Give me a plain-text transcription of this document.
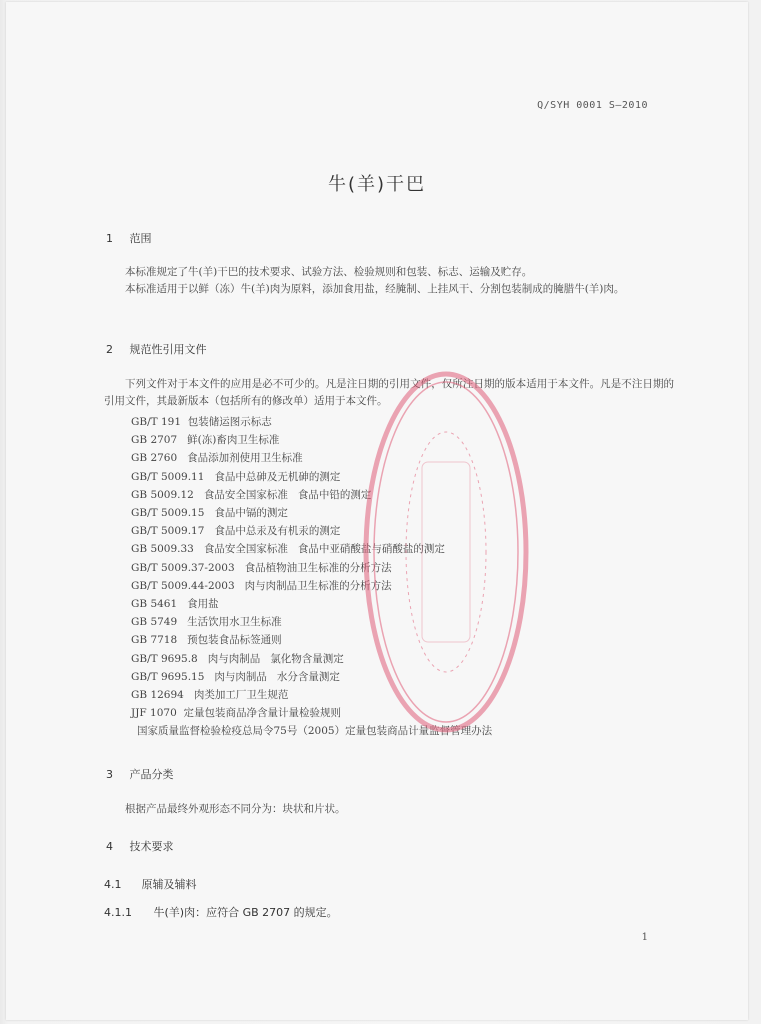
Q/SYH 0001 S—2010
牛(羊)干巴
1 范围
本标准规定了牛(羊)干巴的技术要求、试验方法、检验规则和包装、标志、运输及贮存。
本标准适用于以鲜（冻）牛(羊)肉为原料，添加食用盐，经腌制、上挂风干、分割包装制成的腌腊牛(羊)肉。
2 规范性引用文件
下列文件对于本文件的应用是必不可少的。凡是注日期的引用文件，仅所注日期的版本适用于本文件。凡是不注日期的引用文件，其最新版本（包括所有的修改单）适用于本文件。
GB/T 191  包装储运图示标志
GB 2707   鲜(冻)畜肉卫生标准
GB 2760   食品添加剂使用卫生标准
GB/T 5009.11   食品中总砷及无机砷的测定
GB 5009.12   食品安全国家标准   食品中铅的测定
GB/T 5009.15   食品中镉的测定
GB/T 5009.17   食品中总汞及有机汞的测定
GB 5009.33   食品安全国家标准   食品中亚硝酸盐与硝酸盐的测定
GB/T 5009.37-2003   食品植物油卫生标准的分析方法
GB/T 5009.44-2003   肉与肉制品卫生标准的分析方法
GB 5461   食用盐
GB 5749   生活饮用水卫生标准
GB 7718   预包装食品标签通则
GB/T 9695.8   肉与肉制品   氯化物含量测定
GB/T 9695.15   肉与肉制品   水分含量测定
GB 12694   肉类加工厂卫生规范
JJF 1070  定量包装商品净含量计量检验规则
国家质量监督检验检疫总局令75号（2005）定量包装商品计量监督管理办法
3 产品分类
根据产品最终外观形态不同分为：块状和片状。
4 技术要求
4.1 原辅及辅料
4.1.1 牛(羊)肉：应符合 GB 2707 的规定。
1
